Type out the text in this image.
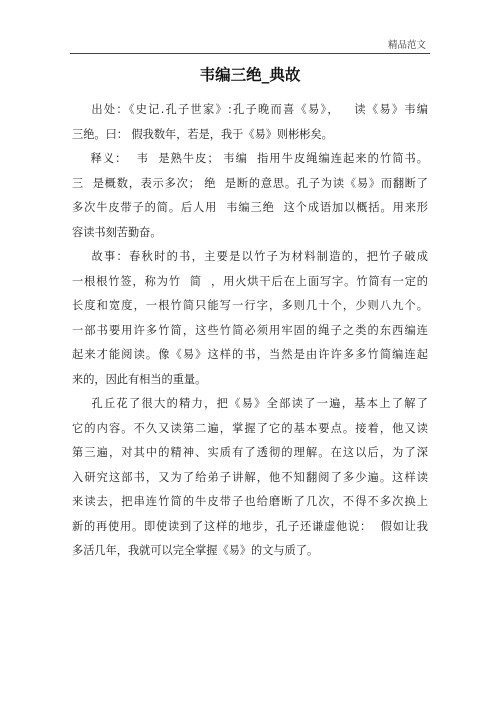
精品范文
韦编三绝_典故

出处：《史记.孔子世家》:孔子晚而喜《易》，   读《易》韦编
三绝。曰： 假我数年，若是，我于《易》则彬彬矣。

释义：  韦  是熟牛皮； 韦编  指用牛皮绳编连起来的竹简书。
三  是概数，表示多次； 绝  是断的意思。孔子为读《易》而翻断了
多次牛皮带子的简。后人用  韦编三绝  这个成语加以概括。用来形
容读书刻苦勤奋。

故事：春秋时的书，主要是以竹子为材料制造的，把竹子破成
一根根竹签，称为竹  简  ，用火烘干后在上面写字。竹简有一定的
长度和宽度，一根竹简只能写一行字，多则几十个，少则八九个。
一部书要用许多竹简，这些竹简必须用牢固的绳子之类的东西编连
起来才能阅读。像《易》这样的书，当然是由许许多多竹简编连起
来的，因此有相当的重量。

孔丘花了很大的精力，把《易》全部读了一遍，基本上了解了
它的内容。不久又读第二遍，掌握了它的基本要点。接着，他又读
第三遍，对其中的精神、实质有了透彻的理解。在这以后，为了深
入研究这部书，又为了给弟子讲解，他不知翻阅了多少遍。这样读
来读去，把串连竹简的牛皮带子也给磨断了几次，不得不多次换上
新的再使用。即使读到了这样的地步，孔子还谦虚他说：  假如让我
多活几年，我就可以完全掌握《易》的文与质了。
